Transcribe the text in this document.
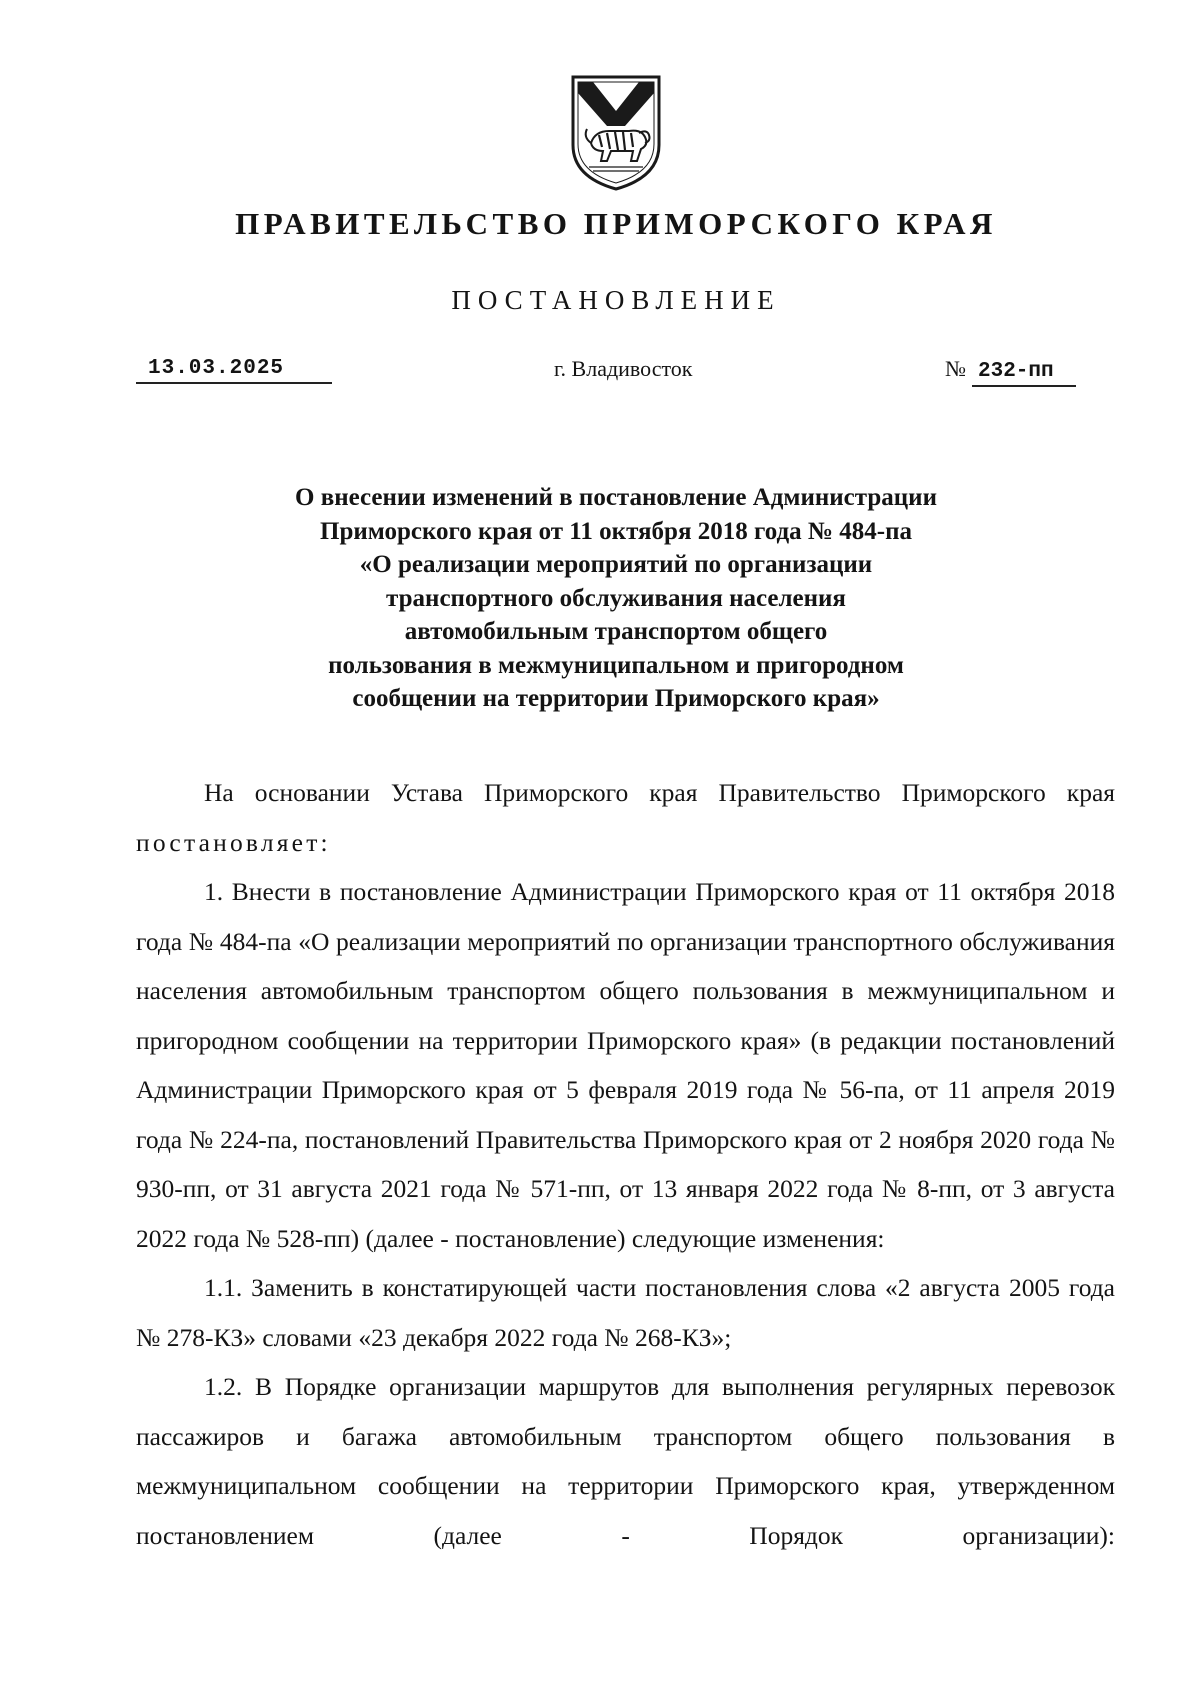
ПРАВИТЕЛЬСТВО ПРИМОРСКОГО КРАЯ
ПОСТАНОВЛЕНИЕ
13.03.2025	г. Владивосток	№ 232-пп
О внесении изменений в постановление Администрации
Приморского края от 11 октября 2018 года № 484-па
«О реализации мероприятий по организации
транспортного обслуживания населения
автомобильным транспортом общего
пользования в межмуниципальном и пригородном
сообщении на территории Приморского края»

На основании Устава Приморского края Правительство Приморского края постановляет:

1. Внести в постановление Администрации Приморского края от 11 октября 2018 года № 484-па «О реализации мероприятий по организации транспортного обслуживания населения автомобильным транспортом общего пользования в межмуниципальном и пригородном сообщении на территории Приморского края» (в редакции постановлений Администрации Приморского края от 5 февраля 2019 года № 56-па, от 11 апреля 2019 года № 224-па, постановлений Правительства Приморского края от 2 ноября 2020 года № 930-пп, от 31 августа 2021 года № 571-пп, от 13 января 2022 года № 8-пп, от 3 августа 2022 года № 528-пп) (далее - постановление) следующие изменения:

1.1. Заменить в констатирующей части постановления слова «2 августа 2005 года № 278-КЗ» словами «23 декабря 2022 года № 268-КЗ»;

1.2. В Порядке организации маршрутов для выполнения регулярных перевозок пассажиров и багажа автомобильным транспортом общего пользования в межмуниципальном сообщении на территории Приморского края, утвержденном постановлением (далее - Порядок организации):
